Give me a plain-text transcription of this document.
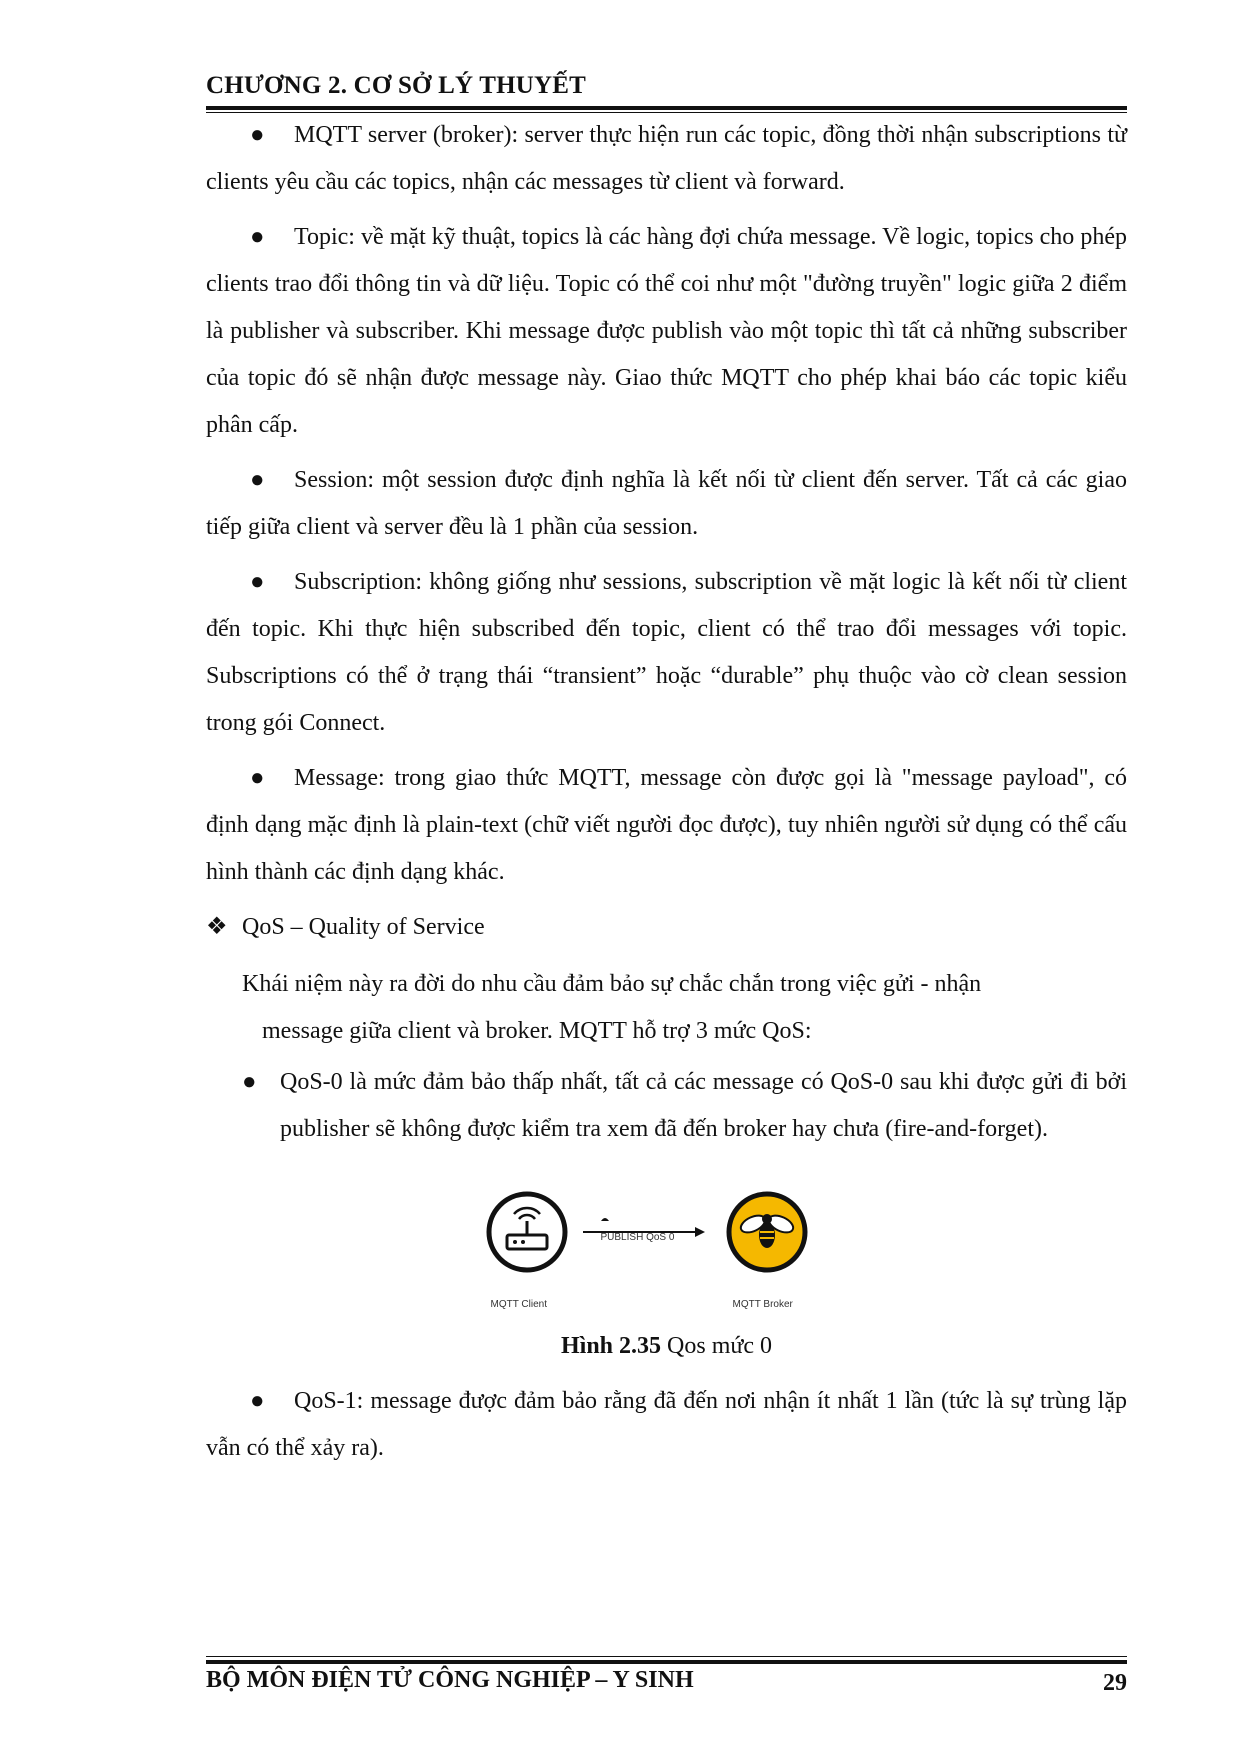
CHƯƠNG 2. CƠ SỞ LÝ THUYẾT

● MQTT server (broker): server thực hiện run các topic, đồng thời nhận subscriptions từ clients yêu cầu các topics, nhận các messages từ client và forward.

● Topic: về mặt kỹ thuật, topics là các hàng đợi chứa message. Về logic, topics cho phép clients trao đổi thông tin và dữ liệu. Topic có thể coi như một "đường truyền" logic giữa 2 điểm là publisher và subscriber. Khi message được publish vào một topic thì tất cả những subscriber của topic đó sẽ nhận được message này. Giao thức MQTT cho phép khai báo các topic kiểu phân cấp.

● Session: một session được định nghĩa là kết nối từ client đến server. Tất cả các giao tiếp giữa client và server đều là 1 phần của session.

● Subscription: không giống như sessions, subscription về mặt logic là kết nối từ client đến topic. Khi thực hiện subscribed đến topic, client có thể trao đổi messages với topic. Subscriptions có thể ở trạng thái “transient” hoặc “durable” phụ thuộc vào cờ clean session trong gói Connect.

● Message: trong giao thức MQTT, message còn được gọi là "message payload", có định dạng mặc định là plain-text (chữ viết người đọc được), tuy nhiên người sử dụng có thể cấu hình thành các định dạng khác.

❖ QoS – Quality of Service

Khái niệm này ra đời do nhu cầu đảm bảo sự chắc chắn trong việc gửi - nhận
message giữa client và broker. MQTT hỗ trợ 3 mức QoS:

● QoS-0 là mức đảm bảo thấp nhất, tất cả các message có QoS-0 sau khi được gửi đi bởi publisher sẽ không được kiểm tra xem đã đến broker hay chưa (fire-and-forget).

PUBLISH QoS 0
MQTT Client	MQTT Broker

Hình 2.35 Qos mức 0

● QoS-1: message được đảm bảo rằng đã đến nơi nhận ít nhất 1 lần (tức là sự trùng lặp vẫn có thể xảy ra).

BỘ MÔN ĐIỆN TỬ CÔNG NGHIỆP – Y SINH	29
